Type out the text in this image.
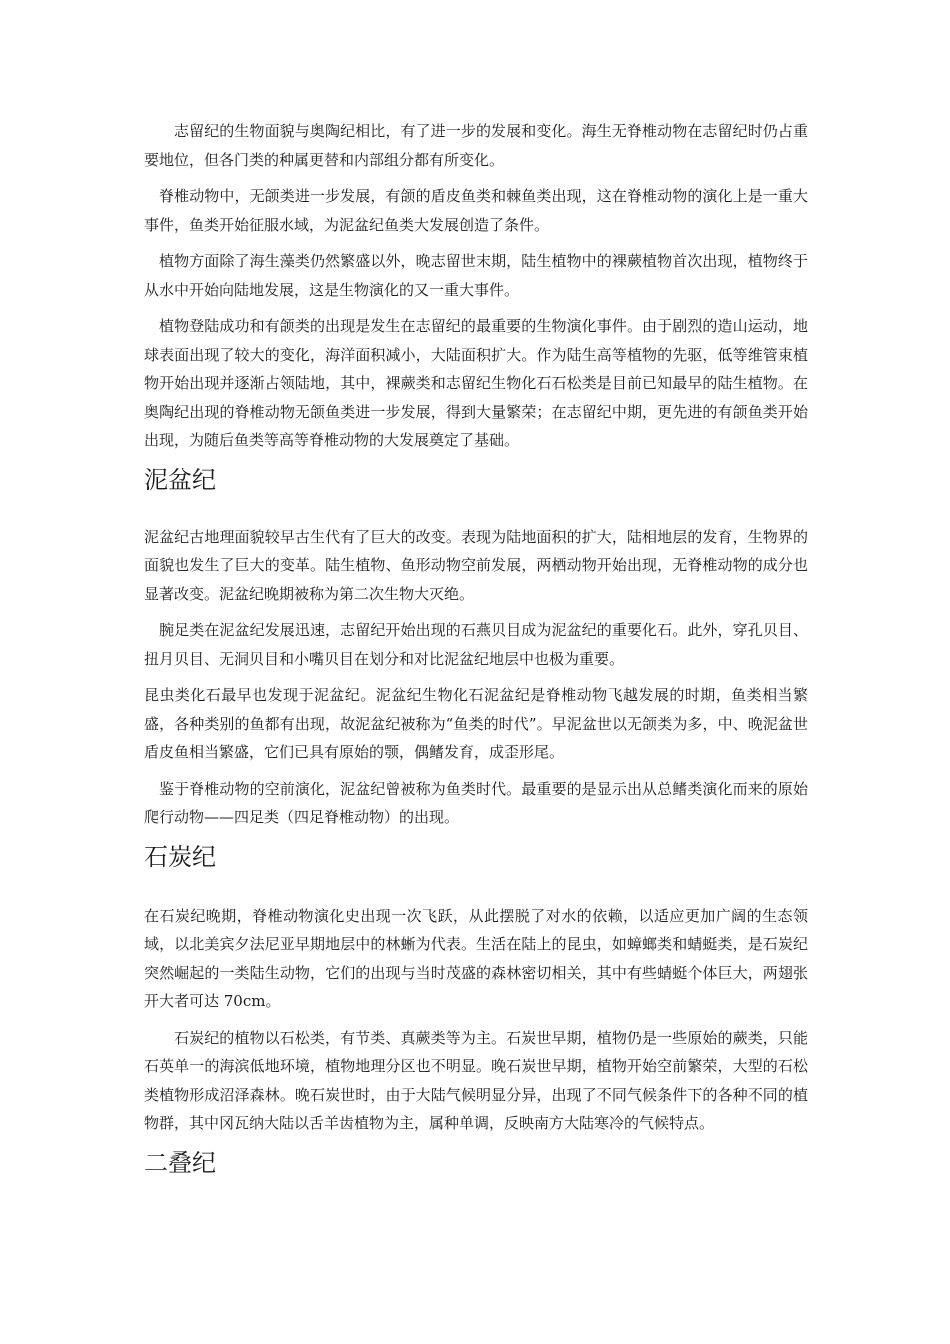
志留纪的生物面貌与奥陶纪相比，有了进一步的发展和变化。海生无脊椎动物在志留纪时仍占重要地位，但各门类的种属更替和内部组分都有所变化。

脊椎动物中，无颌类进一步发展，有颌的盾皮鱼类和棘鱼类出现，这在脊椎动物的演化上是一重大事件，鱼类开始征服水域，为泥盆纪鱼类大发展创造了条件。

植物方面除了海生藻类仍然繁盛以外，晚志留世末期，陆生植物中的裸蕨植物首次出现，植物终于从水中开始向陆地发展，这是生物演化的又一重大事件。

植物登陆成功和有颌类的出现是发生在志留纪的最重要的生物演化事件。由于剧烈的造山运动，地球表面出现了较大的变化，海洋面积减小，大陆面积扩大。作为陆生高等植物的先驱，低等维管束植物开始出现并逐渐占领陆地，其中，裸蕨类和志留纪生物化石石松类是目前已知最早的陆生植物。在奥陶纪出现的脊椎动物无颌鱼类进一步发展，得到大量繁荣；在志留纪中期，更先进的有颌鱼类开始出现，为随后鱼类等高等脊椎动物的大发展奠定了基础。

泥盆纪

泥盆纪古地理面貌较早古生代有了巨大的改变。表现为陆地面积的扩大，陆相地层的发育，生物界的面貌也发生了巨大的变革。陆生植物、鱼形动物空前发展，两栖动物开始出现，无脊椎动物的成分也显著改变。泥盆纪晚期被称为第二次生物大灭绝。

腕足类在泥盆纪发展迅速，志留纪开始出现的石燕贝目成为泥盆纪的重要化石。此外，穿孔贝目、扭月贝目、无洞贝目和小嘴贝目在划分和对比泥盆纪地层中也极为重要。

昆虫类化石最早也发现于泥盆纪。泥盆纪生物化石泥盆纪是脊椎动物飞越发展的时期，鱼类相当繁盛，各种类别的鱼都有出现，故泥盆纪被称为“鱼类的时代”。早泥盆世以无颌类为多，中、晚泥盆世盾皮鱼相当繁盛，它们已具有原始的颚，偶鳍发育，成歪形尾。

鉴于脊椎动物的空前演化，泥盆纪曾被称为鱼类时代。最重要的是显示出从总鳍类演化而来的原始爬行动物——四足类（四足脊椎动物）的出现。

石炭纪

在石炭纪晚期，脊椎动物演化史出现一次飞跃，从此摆脱了对水的依赖，以适应更加广阔的生态领域，以北美宾夕法尼亚早期地层中的林蜥为代表。生活在陆上的昆虫，如蟑螂类和蜻蜓类，是石炭纪突然崛起的一类陆生动物，它们的出现与当时茂盛的森林密切相关，其中有些蜻蜓个体巨大，两翅张开大者可达 70cm。

石炭纪的植物以石松类，有节类、真蕨类等为主。石炭世早期，植物仍是一些原始的蕨类，只能石英单一的海滨低地环境，植物地理分区也不明显。晚石炭世早期，植物开始空前繁荣，大型的石松类植物形成沼泽森林。晚石炭世时，由于大陆气候明显分异，出现了不同气候条件下的各种不同的植物群，其中冈瓦纳大陆以舌羊齿植物为主，属种单调，反映南方大陆寒冷的气候特点。

二叠纪
